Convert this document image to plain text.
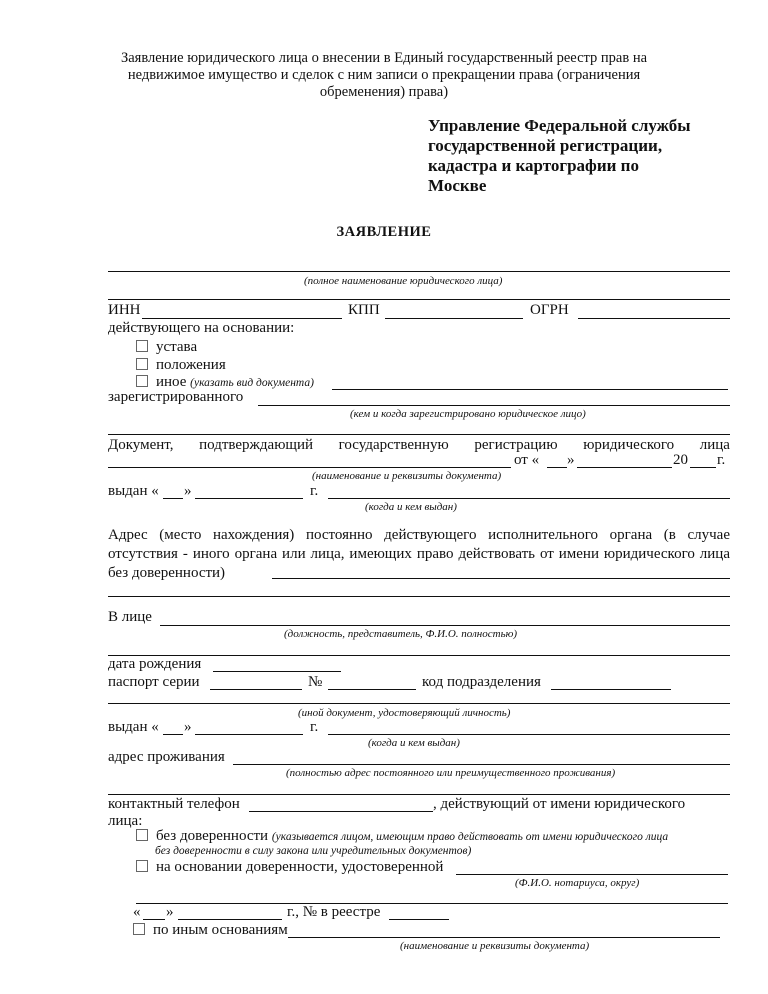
Заявление юридического лица о внесении в Единый государственный реестр прав на недвижимое имущество и сделок с ним записи о прекращении права (ограничения обременения) права)
Управление Федеральной службы
государственной регистрации,
кадастра и картографии по
Москве
ЗАЯВЛЕНИЕ
(полное наименование юридического лица)
ИНН	КПП	ОГРН
действующего на основании:
устава
положения
иное (указать вид документа)
зарегистрированного
(кем и когда зарегистрировано юридическое лицо)
Документ, подтверждающий государственную регистрацию юридического лица
от « »	20 г.
(наименование и реквизиты документа)
выдан « »	г.
(когда и кем выдан)
Адрес (место нахождения) постоянно действующего исполнительного органа (в случае отсутствия - иного органа или лица, имеющих право действовать от имени юридического лица без доверенности)
В лице
(должность, представитель, Ф.И.О. полностью)
дата рождения
паспорт серии	№	код подразделения
(иной документ, удостоверяющий личность)
выдан « »	г.
(когда и кем выдан)
адрес проживания
(полностью адрес постоянного или преимущественного проживания)
контактный телефон	, действующий от имени юридического
лица:
без доверенности (указывается лицом, имеющим право действовать от имени юридического лица
без доверенности в силу закона или учредительных документов)
на основании доверенности, удостоверенной
(Ф.И.О. нотариуса, округ)
« »	г., № в реестре
по иным основаниям
(наименование и реквизиты документа)
